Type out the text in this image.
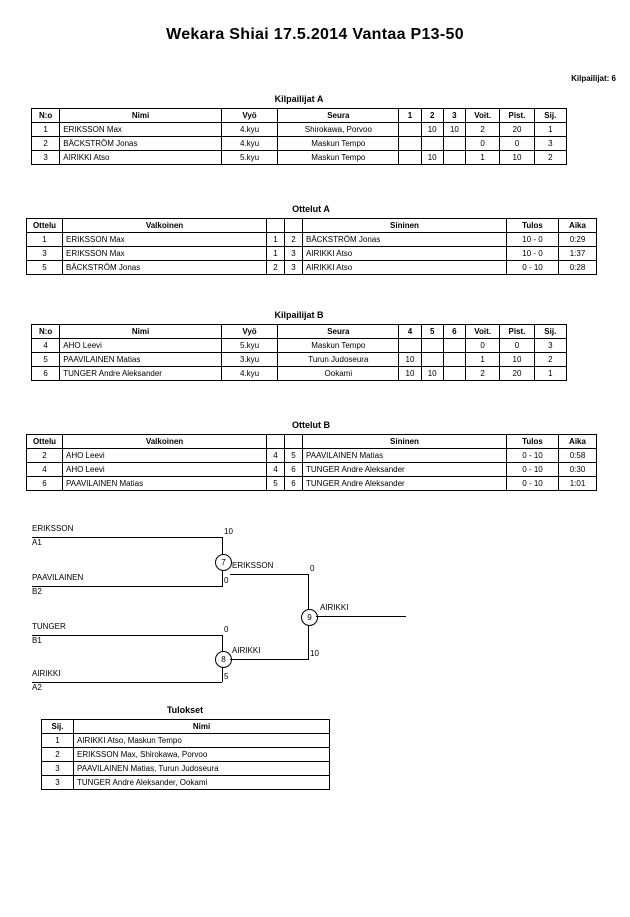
Wekara Shiai 17.5.2014 Vantaa P13-50
Kilpailijat: 6
Kilpailijat A
N:o	Nimi	Vyö	Seura	1	2	3	Voit.	Pist.	Sij.
1	ERIKSSON Max	4.kyu	Shirokawa, Porvoo		10	10	2	20	1
2	BÄCKSTRÖM Jonas	4.kyu	Maskun Tempo				0	0	3
3	AIRIKKI Atso	5.kyu	Maskun Tempo		10		1	10	2
Ottelut A
Ottelu	Valkoinen			Sininen	Tulos	Aika
1	ERIKSSON Max	1	2	BÄCKSTRÖM Jonas	10 - 0	0:29
3	ERIKSSON Max	1	3	AIRIKKI Atso	10 - 0	1:37
5	BÄCKSTRÖM Jonas	2	3	AIRIKKI Atso	0 - 10	0:28
Kilpailijat B
N:o	Nimi	Vyö	Seura	4	5	6	Voit.	Pist.	Sij.
4	AHO Leevi	5.kyu	Maskun Tempo				0	0	3
5	PAAVILAINEN Matias	3.kyu	Turun Judoseura	10			1	10	2
6	TUNGER Andre Aleksander	4.kyu	Ookami	10	10		2	20	1
Ottelut B
Ottelu	Valkoinen			Sininen	Tulos	Aika
2	AHO Leevi	4	5	PAAVILAINEN Matias	0 - 10	0:58
4	AHO Leevi	4	6	TUNGER Andre Aleksander	0 - 10	0:30
6	PAAVILAINEN Matias	5	6	TUNGER Andre Aleksander	0 - 10	1:01
ERIKSSON
A1
10
PAAVILAINEN
B2
0
7 ERIKSSON	0
TUNGER
B1
0
AIRIKKI
A2
5
8
AIRIKKI	10
9
AIRIKKI
Tulokset
Sij.	Nimi
1	AIRIKKI Atso, Maskun Tempo
2	ERIKSSON Max, Shirokawa, Porvoo
3	PAAVILAINEN Matias, Turun Judoseura
3	TUNGER Andre Aleksander, Ookami
